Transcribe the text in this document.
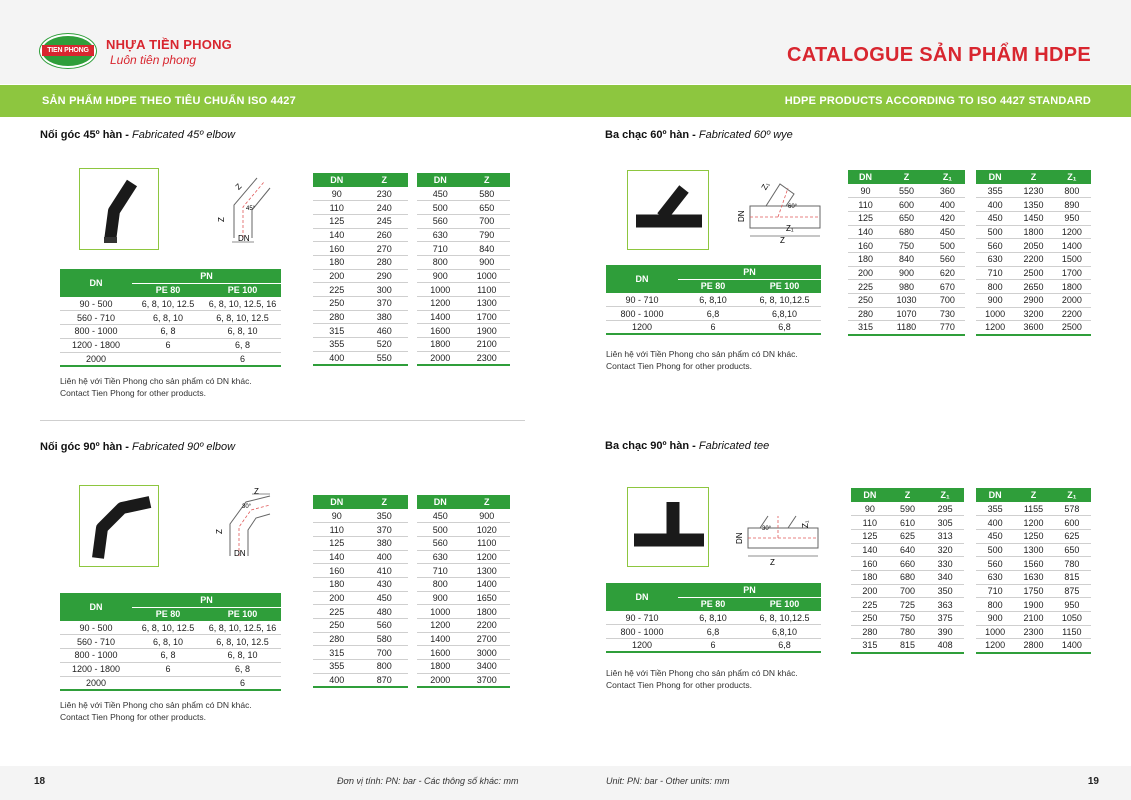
TIEN PHONG	NHỰA TIỀN PHONG
Luôn tiên phong	CATALOGUE SẢN PHẨM HDPE
SẢN PHẨM HDPE THEO TIÊU CHUẨN ISO 4427	HDPE PRODUCTS ACCORDING TO ISO 4427 STANDARD
Nối góc 45º hàn - Fabricated 45º elbow
DN
Z
Z
45°
DN	Z
90	230
110	240
125	245
140	260
160	270
180	280
200	290
225	300
250	370
280	380
315	460
355	520
400	550
DN	Z
450	580
500	650
560	700
630	790
710	840
800	900
900	1000
1000	1100
1200	1300
1400	1700
1600	1900
1800	2100
2000	2300
DN	PN	
	PE 80	PE 100
90 - 500	6, 8, 10, 12.5	6, 8, 10, 12.5, 16
560 - 710	6, 8, 10	6, 8, 10, 12.5
800 - 1000	6, 8	6, 8, 10
1200 - 1800	6	6, 8
2000		6
Liên hệ với Tiền Phong cho sản phẩm có DN khác.
Contact Tien Phong for other products.
Nối góc 90º hàn - Fabricated 90º elbow
Z
DN
Z
30°	DN	Z
90	350
110	370
125	380
140	400
160	410
180	430
200	450
225	480
250	560
280	580
315	700
355	800
400	870
DN	Z
450	900
500	1020
560	1100
630	1200
710	1300
800	1400
900	1650
1000	1800
1200	2200
1400	2700
1600	3000
1800	3400
2000	3700
DN	PN	
	PE 80	PE 100
90 - 500	6, 8, 10, 12.5	6, 8, 10, 12.5, 16
560 - 710	6, 8, 10	6, 8, 10, 12.5
800 - 1000	6, 8	6, 8, 10
1200 - 1800	6	6, 8
2000		6
Liên hệ với Tiền Phong cho sản phẩm có DN khác.
Contact Tien Phong for other products.
Ba chạc 60º hàn - Fabricated 60º wye
Z
Z₁
Z₁
DN
60°
DN	PN	
	PE 80	PE 100
90 - 710	6, 8,10	6, 8, 10,12.5
800 - 1000	6,8	6,8,10
1200	6	6,8
Liên hệ với Tiền Phong cho sản phẩm có DN khác.
Contact Tien Phong for other products.
DN	Z	Z₁
90	550	360
110	600	400
125	650	420
140	680	450
160	750	500
180	840	560
200	900	620
225	980	670
250	1030	700
280	1070	730
315	1180	770
DN	Z	Z₁
355	1230	800
400	1350	890
450	1450	950
500	1800	1200
560	2050	1400
630	2200	1500
710	2500	1700
800	2650	1800
900	2900	2000
1000	3200	2200
1200	3600	2500
Ba chạc 90º hàn - Fabricated tee
Z
Z₁
DN
30°
DN	PN	
	PE 80	PE 100
90 - 710	6, 8,10	6, 8, 10,12.5
800 - 1000	6,8	6,8,10
1200	6	6,8
Liên hệ với Tiền Phong cho sản phẩm có DN khác.
Contact Tien Phong for other products.
DN	Z	Z₁
90	590	295
110	610	305
125	625	313
140	640	320
160	660	330
180	680	340
200	700	350
225	725	363
250	750	375
280	780	390
315	815	408
DN	Z	Z₁
355	1155	578
400	1200	600
450	1250	625
500	1300	650
560	1560	780
630	1630	815
710	1750	875
800	1900	950
900	2100	1050
1000	2300	1150
1200	2800	1400
18	Đơn vị tính: PN: bar - Các thông số khác: mm	Unit: PN: bar - Other units: mm	19
